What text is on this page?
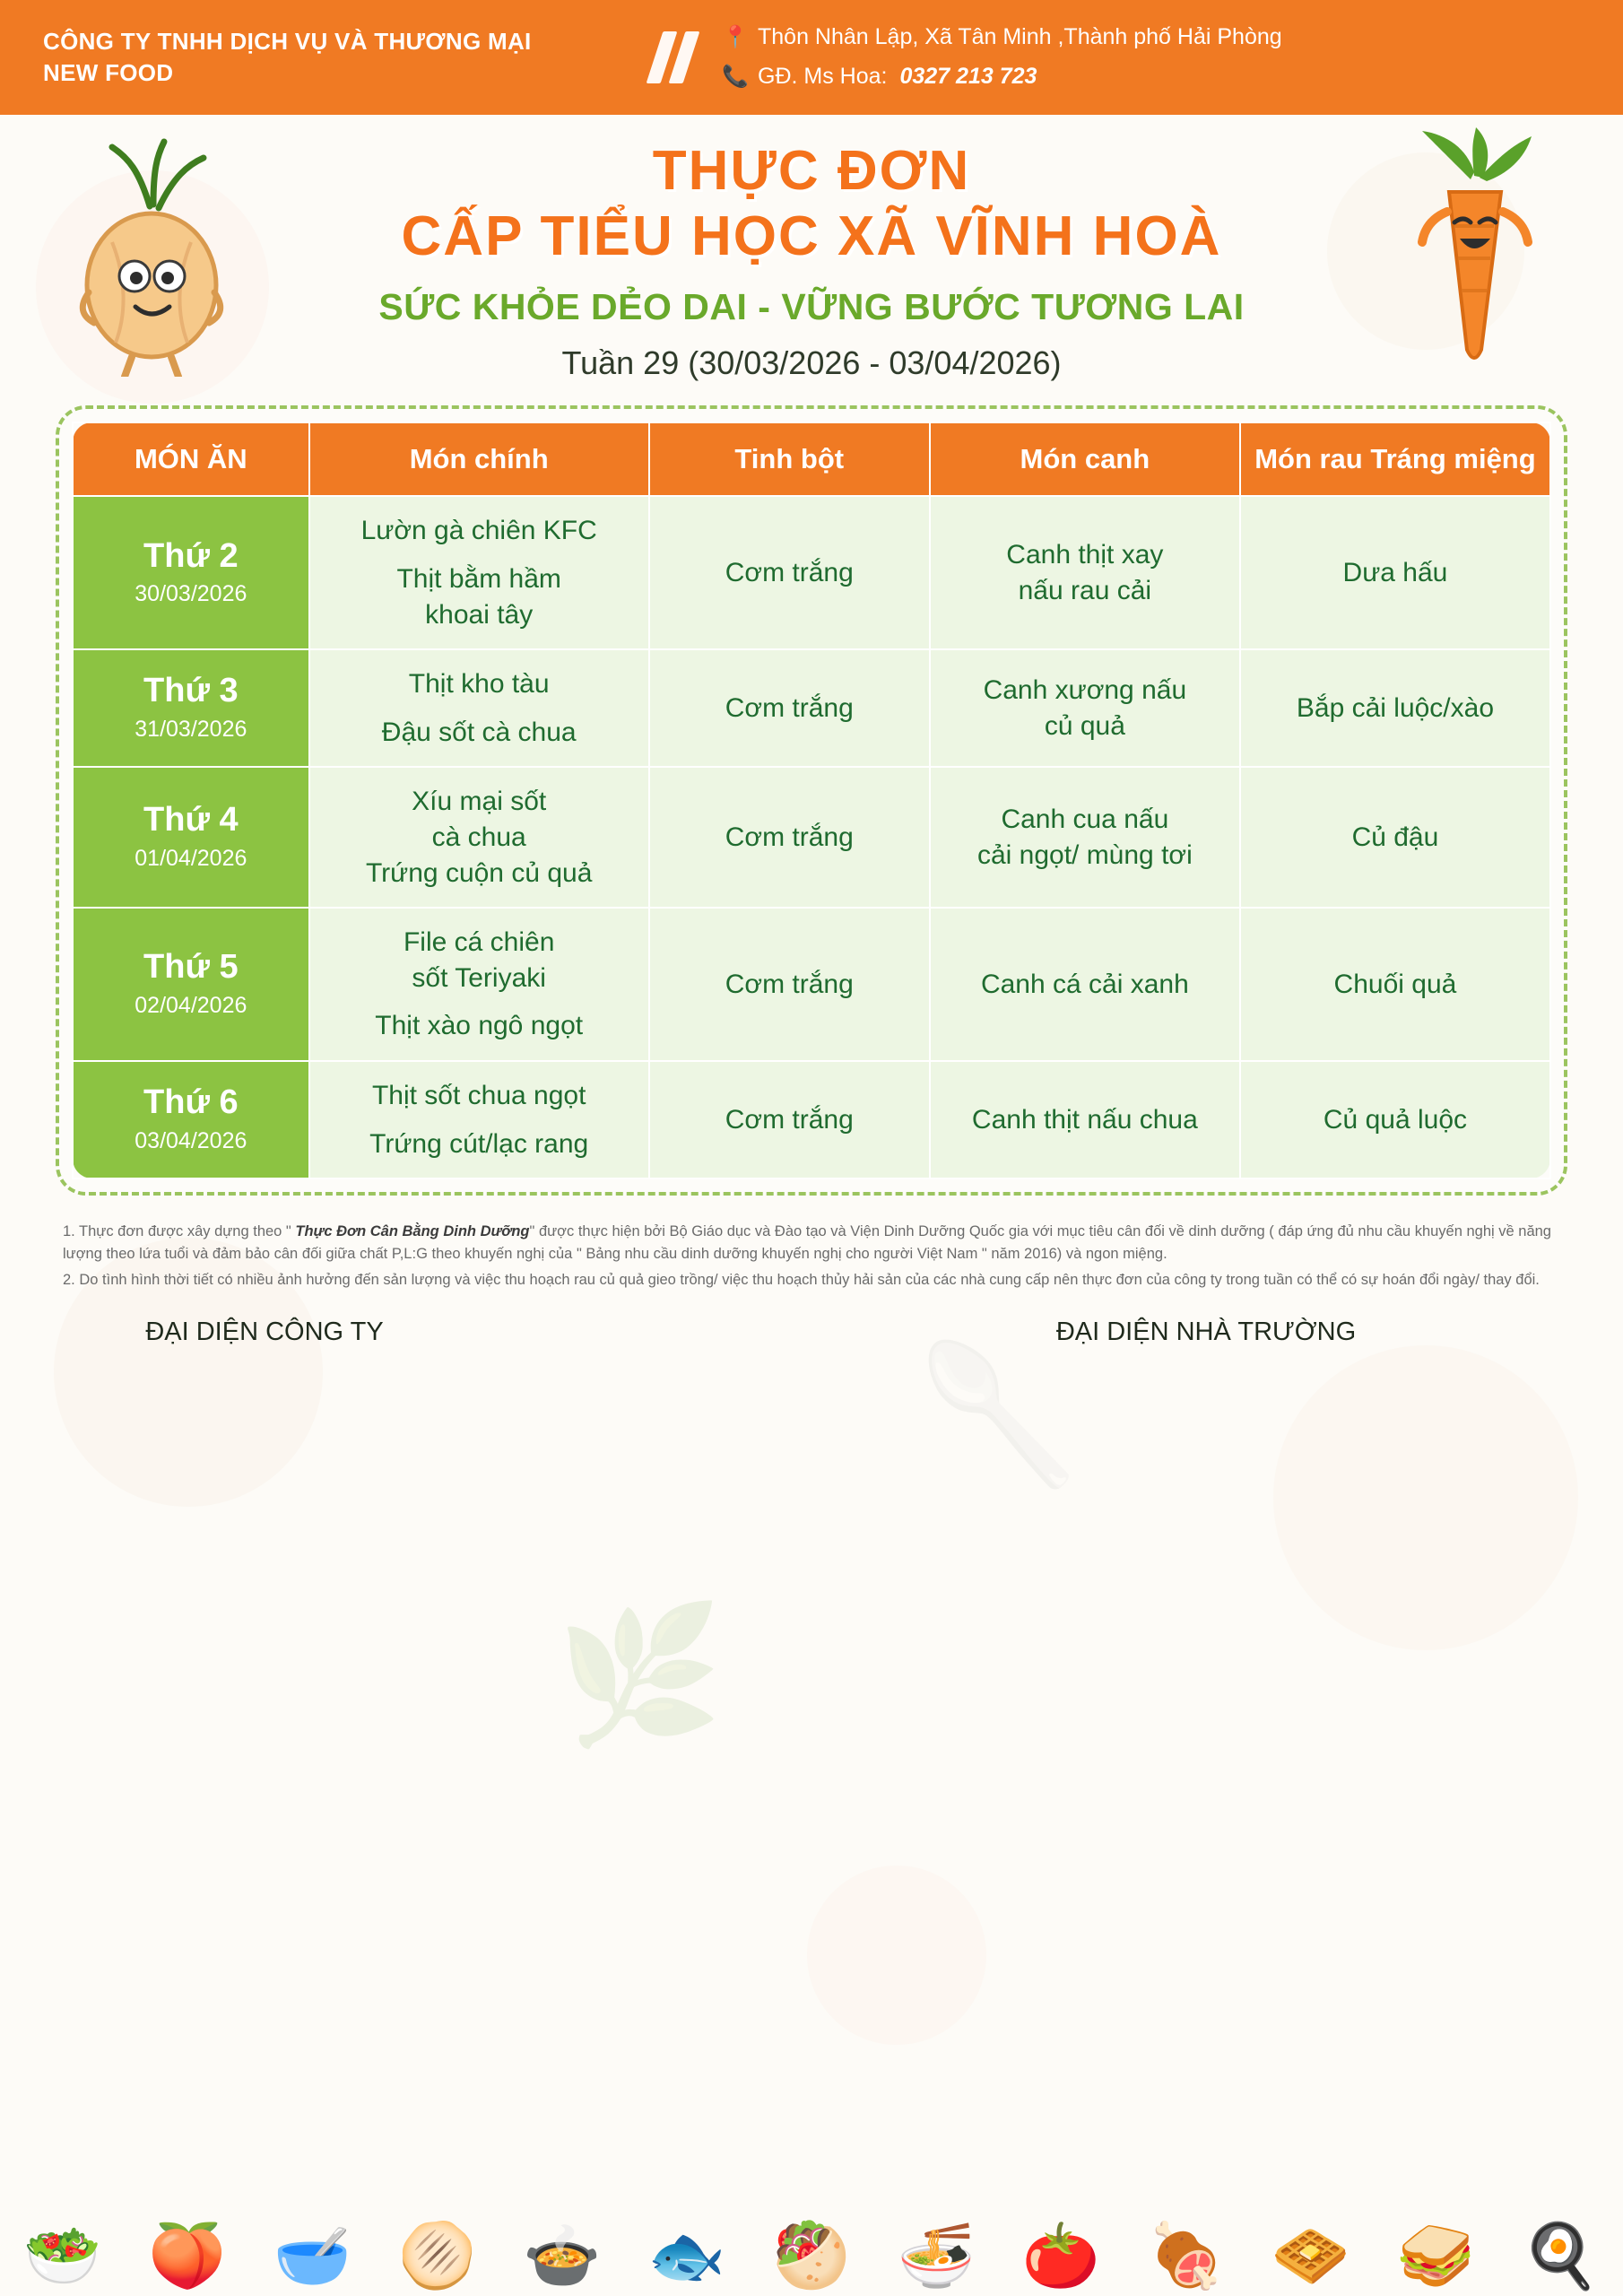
🥄
🌿
CÔNG TY TNHH DỊCH VỤ VÀ THƯƠNG MẠI
NEW FOOD
📍 Thôn Nhân Lập, Xã Tân Minh ,Thành phố Hải Phòng
📞 GĐ. Ms Hoa: 0327 213 723
THỰC ĐƠN
CẤP TIỂU HỌC XÃ VĨNH HOÀ
SỨC KHỎE DẺO DAI - VỮNG BƯỚC TƯƠNG LAI
Tuần 29 (30/03/2026 - 03/04/2026)
MÓN ĂN	Món chính	Tinh bột	Món canh	Món rau Tráng miệng

Thứ 2
30/03/2026	Lườn gà chiên KFC
Thịt bằm hầm
khoai tây	Cơm trắng	Canh thịt xay
nấu rau cải	Dưa hấu

Thứ 3
31/03/2026	Thịt kho tàu
Đậu sốt cà chua	Cơm trắng	Canh xương nấu
củ quả	Bắp cải luộc/xào

Thứ 4
01/04/2026	Xíu mại sốt
cà chua
Trứng cuộn củ quả	Cơm trắng	Canh cua nấu
cải ngọt/ mùng tơi	Củ đậu

Thứ 5
02/04/2026	File cá chiên
sốt Teriyaki
Thịt xào ngô ngọt	Cơm trắng	Canh cá cải xanh	Chuối quả

Thứ 6
03/04/2026	Thịt sốt chua ngọt
Trứng cút/lạc rang	Cơm trắng	Canh thịt nấu chua	Củ quả luộc
1. Thực đơn được xây dựng theo " Thực Đơn Cân Bằng Dinh Dưỡng" được thực hiện bởi Bộ Giáo dục và Đào tạo và Viện Dinh Dưỡng Quốc gia với mục tiêu cân đối về dinh dưỡng ( đáp ứng đủ nhu cầu khuyến nghị về năng lượng theo lứa tuổi và đảm bảo cân đối giữa chất P,L:G theo khuyến nghị của " Bảng nhu cầu dinh dưỡng khuyến nghị cho người Việt Nam " năm 2016) và ngon miệng.
2. Do tình hình thời tiết có nhiều ảnh hưởng đến sản lượng và việc thu hoạch rau củ quả gieo trồng/ việc thu hoạch thủy hải sản của các nhà cung cấp nên thực đơn của công ty trong tuần có thể có sự hoán đổi ngày/ thay đổi.
ĐẠI DIỆN CÔNG TY	ĐẠI DIỆN NHÀ TRƯỜNG
🥗 🍑 🥣 🫓 🍲 🐟 🥙 🍜 🍅 🍖 🧇 🥪 🍳
